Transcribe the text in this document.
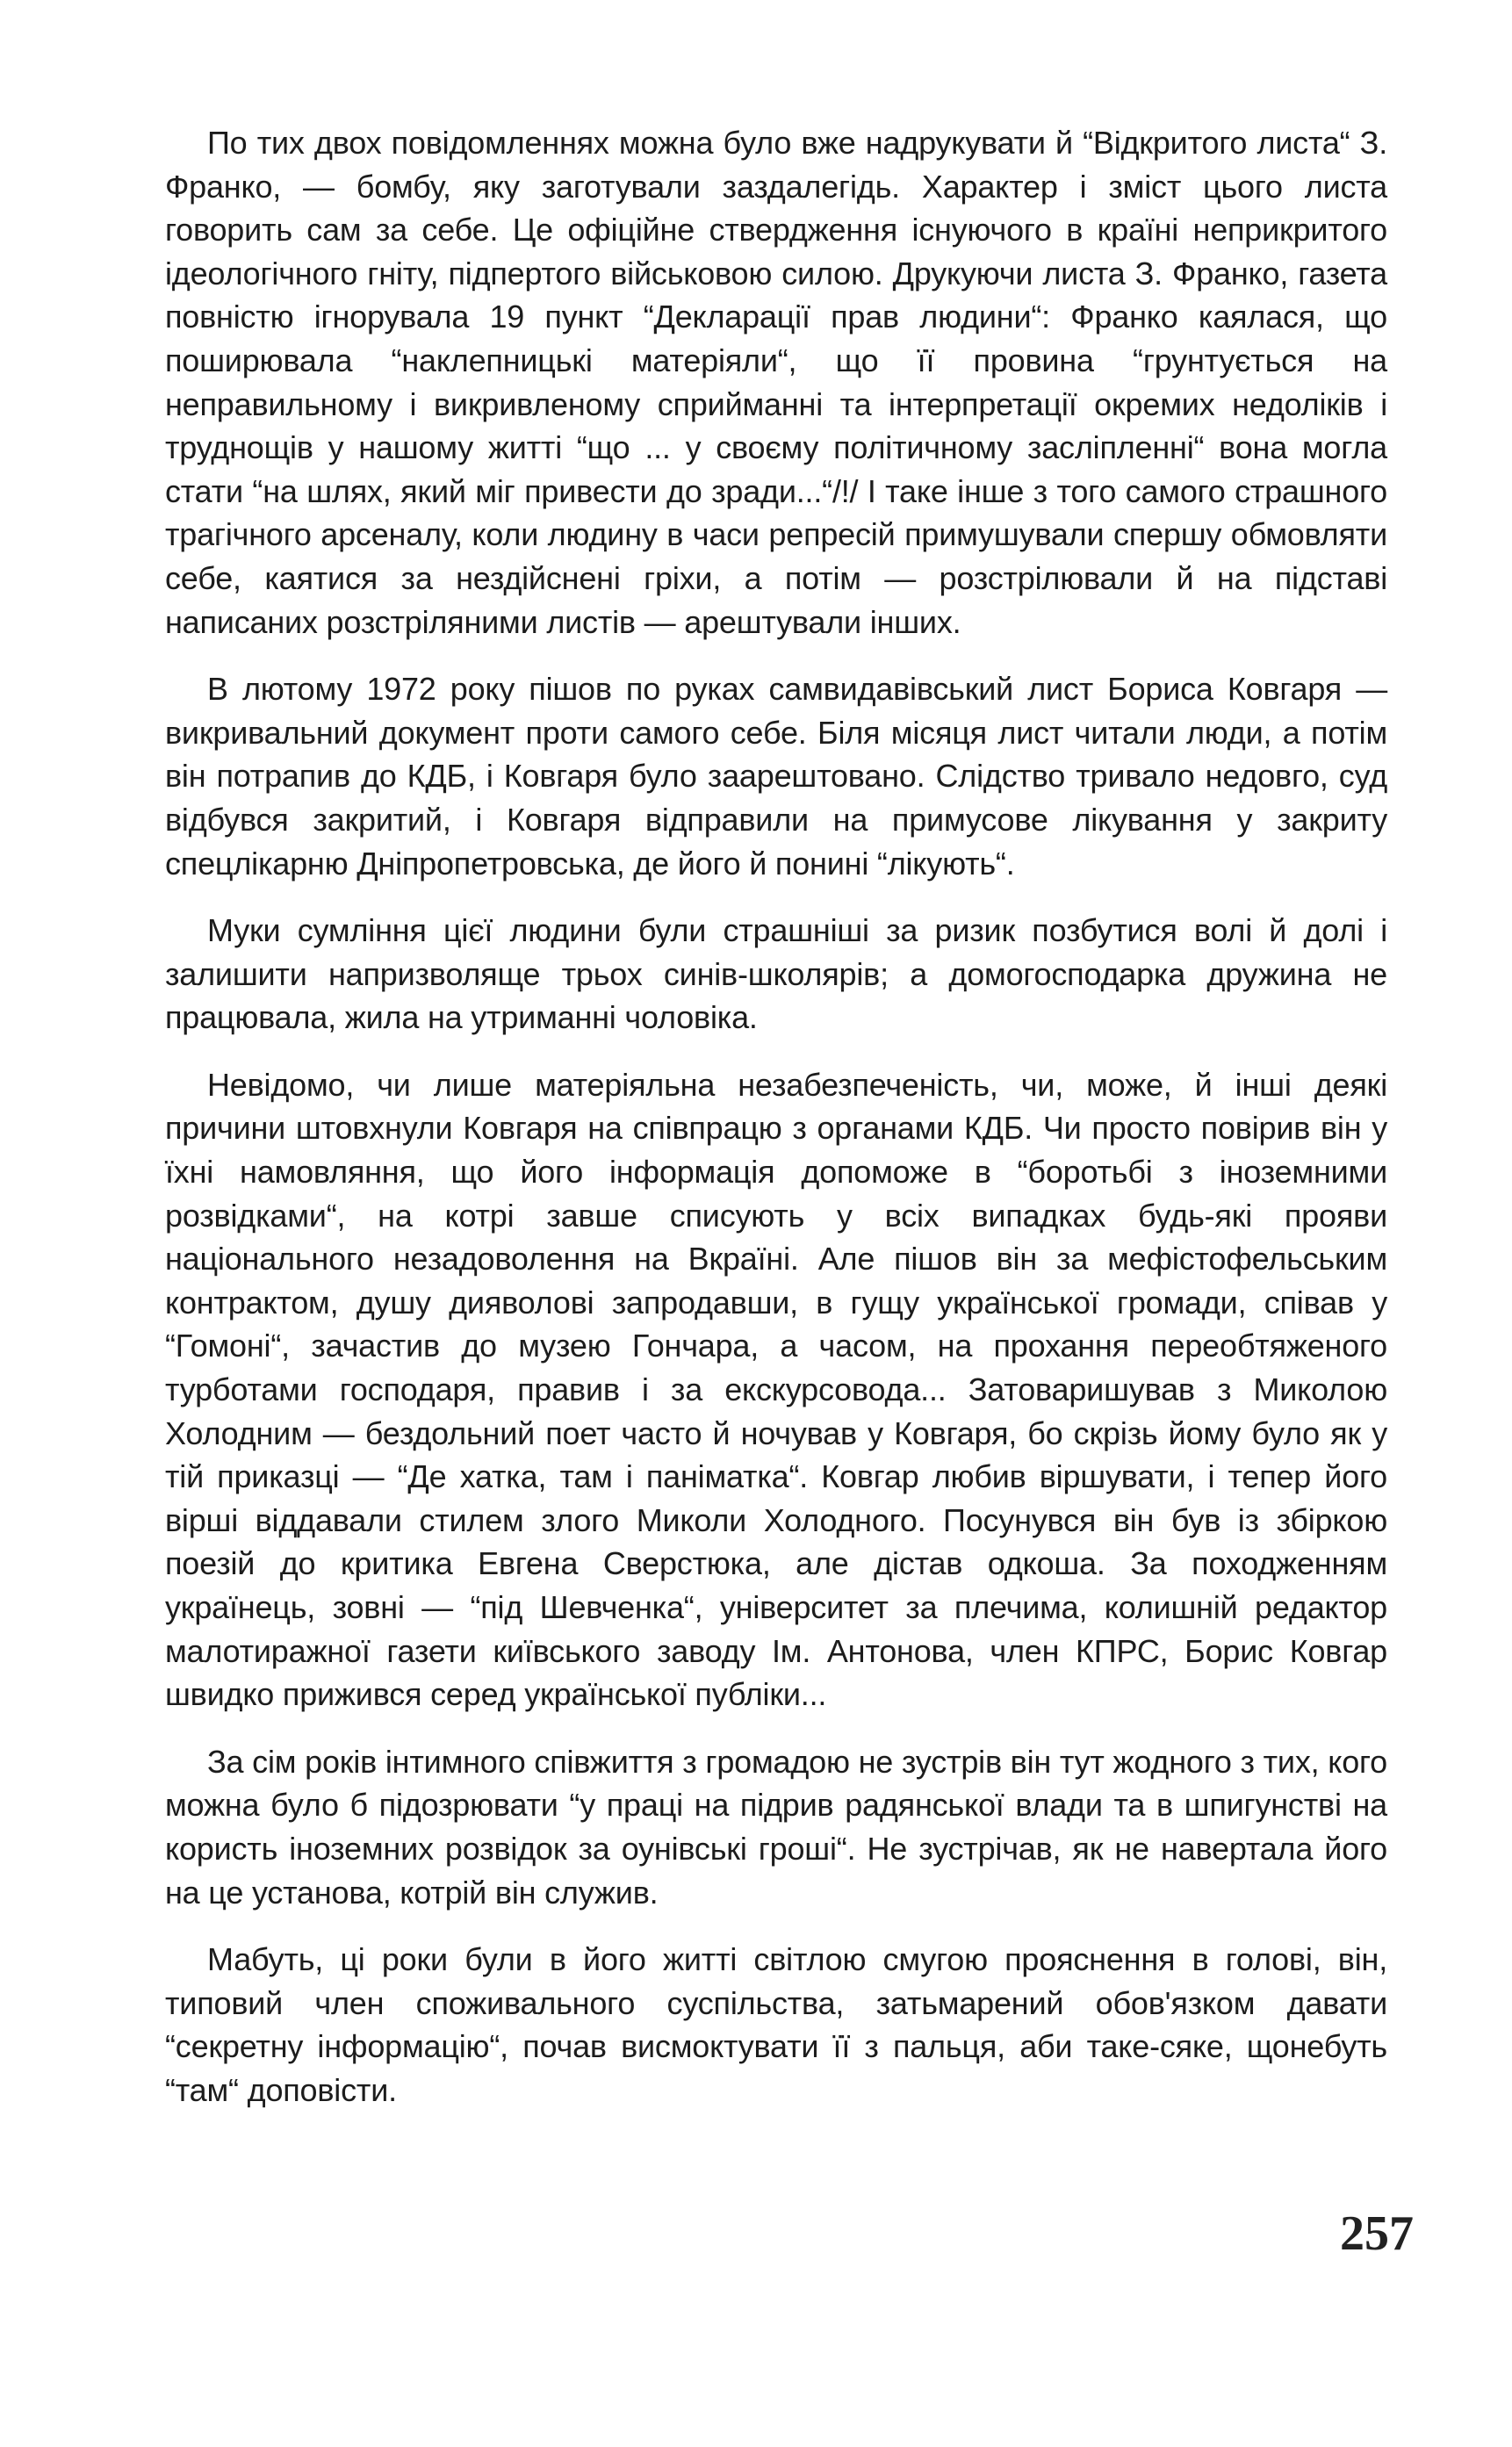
По тих двох повідомленнях можна було вже надрукувати й “Відкритого листа“ З. Франко, — бомбу, яку заготували заздалегідь. Характер і зміст цього листа говорить сам за себе. Це офіційне ствердження існуючого в країні неприкритого ідеологічного гніту, підпертого військовою силою. Друкуючи листа З. Франко, газета повністю ігнорувала 19 пункт “Декларації прав людини“: Франко каялася, що поширювала “наклепницькі матеріяли“, що її провина “грунтується на неправильному і викривленому сприйманні та інтерпретації окремих недоліків і труднощів у нашому житті “що ... у своєму політичному засліпленні“ вона могла стати “на шлях, який міг привести до зради...“/!/ І таке інше з того самого страшного трагічного арсеналу, коли людину в часи репресій примушували спершу обмовляти себе, каятися за нездійснені гріхи, а потім — розстрілювали й на підставі написаних розстріляними листів — арештували інших.

В лютому 1972 року пішов по руках самвидавівський лист Бориса Ковгаря — викривальний документ проти самого себе. Біля місяця лист читали люди, а потім він потрапив до КДБ, і Ковгаря було заарештовано. Слідство тривало недовго, суд відбувся закритий, і Ковгаря відправили на примусове лікування у закриту спецлікарню Дніпропетровська, де його й понині “лікують“.

Муки сумління цієї людини були страшніші за ризик позбутися волі й долі і залишити напризволяще трьох синів-школярів; а домогосподарка дружина не працювала, жила на утриманні чоловіка.

Невідомо, чи лише матеріяльна незабезпеченість, чи, може, й інші деякі причини штовхнули Ковгаря на співпрацю з органами КДБ. Чи просто повірив він у їхні намовляння, що його інформація допоможе в “боротьбі з іноземними розвідками“, на котрі завше списують у всіх випадках будь-які прояви національного незадоволення на Вкраїні. Але пішов він за мефістофельським контрактом, душу дияволові запродавши, в гущу української громади, співав у “Гомоні“, зачастив до музею Гончара, а часом, на прохання переобтяженого турботами господаря, правив і за екскурсовода... Затоваришував з Миколою Холодним — бездольний поет часто й ночував у Ковгаря, бо скрізь йому було як у тій приказці — “Де хатка, там і паніматка“. Ковгар любив віршувати, і тепер його вірші віддавали стилем злого Миколи Холодного. Посунувся він був із збіркою поезій до критика Евгена Сверстюка, але дістав одкоша. За походженням українець, зовні — “під Шевченка“, університет за плечима, колишній редактор малотиражної газети київського заводу Ім. Антонова, член КПРС, Борис Ковгар швидко прижився серед української публіки...

За сім років інтимного співжиття з громадою не зустрів він тут жодного з тих, кого можна було б підозрювати “у праці на підрив радянської влади та в шпигунстві на користь іноземних розвідок за оунівські гроші“. Не зустрічав, як не навертала його на це установа, котрій він служив.

Мабуть, ці роки були в його житті світлою смугою прояснення в голові, він, типовий член споживального суспільства, затьмарений обов'язком давати “секретну інформацію“, почав висмоктувати її з пальця, аби таке-сяке, щонебуть “там“ доповісти.

257
